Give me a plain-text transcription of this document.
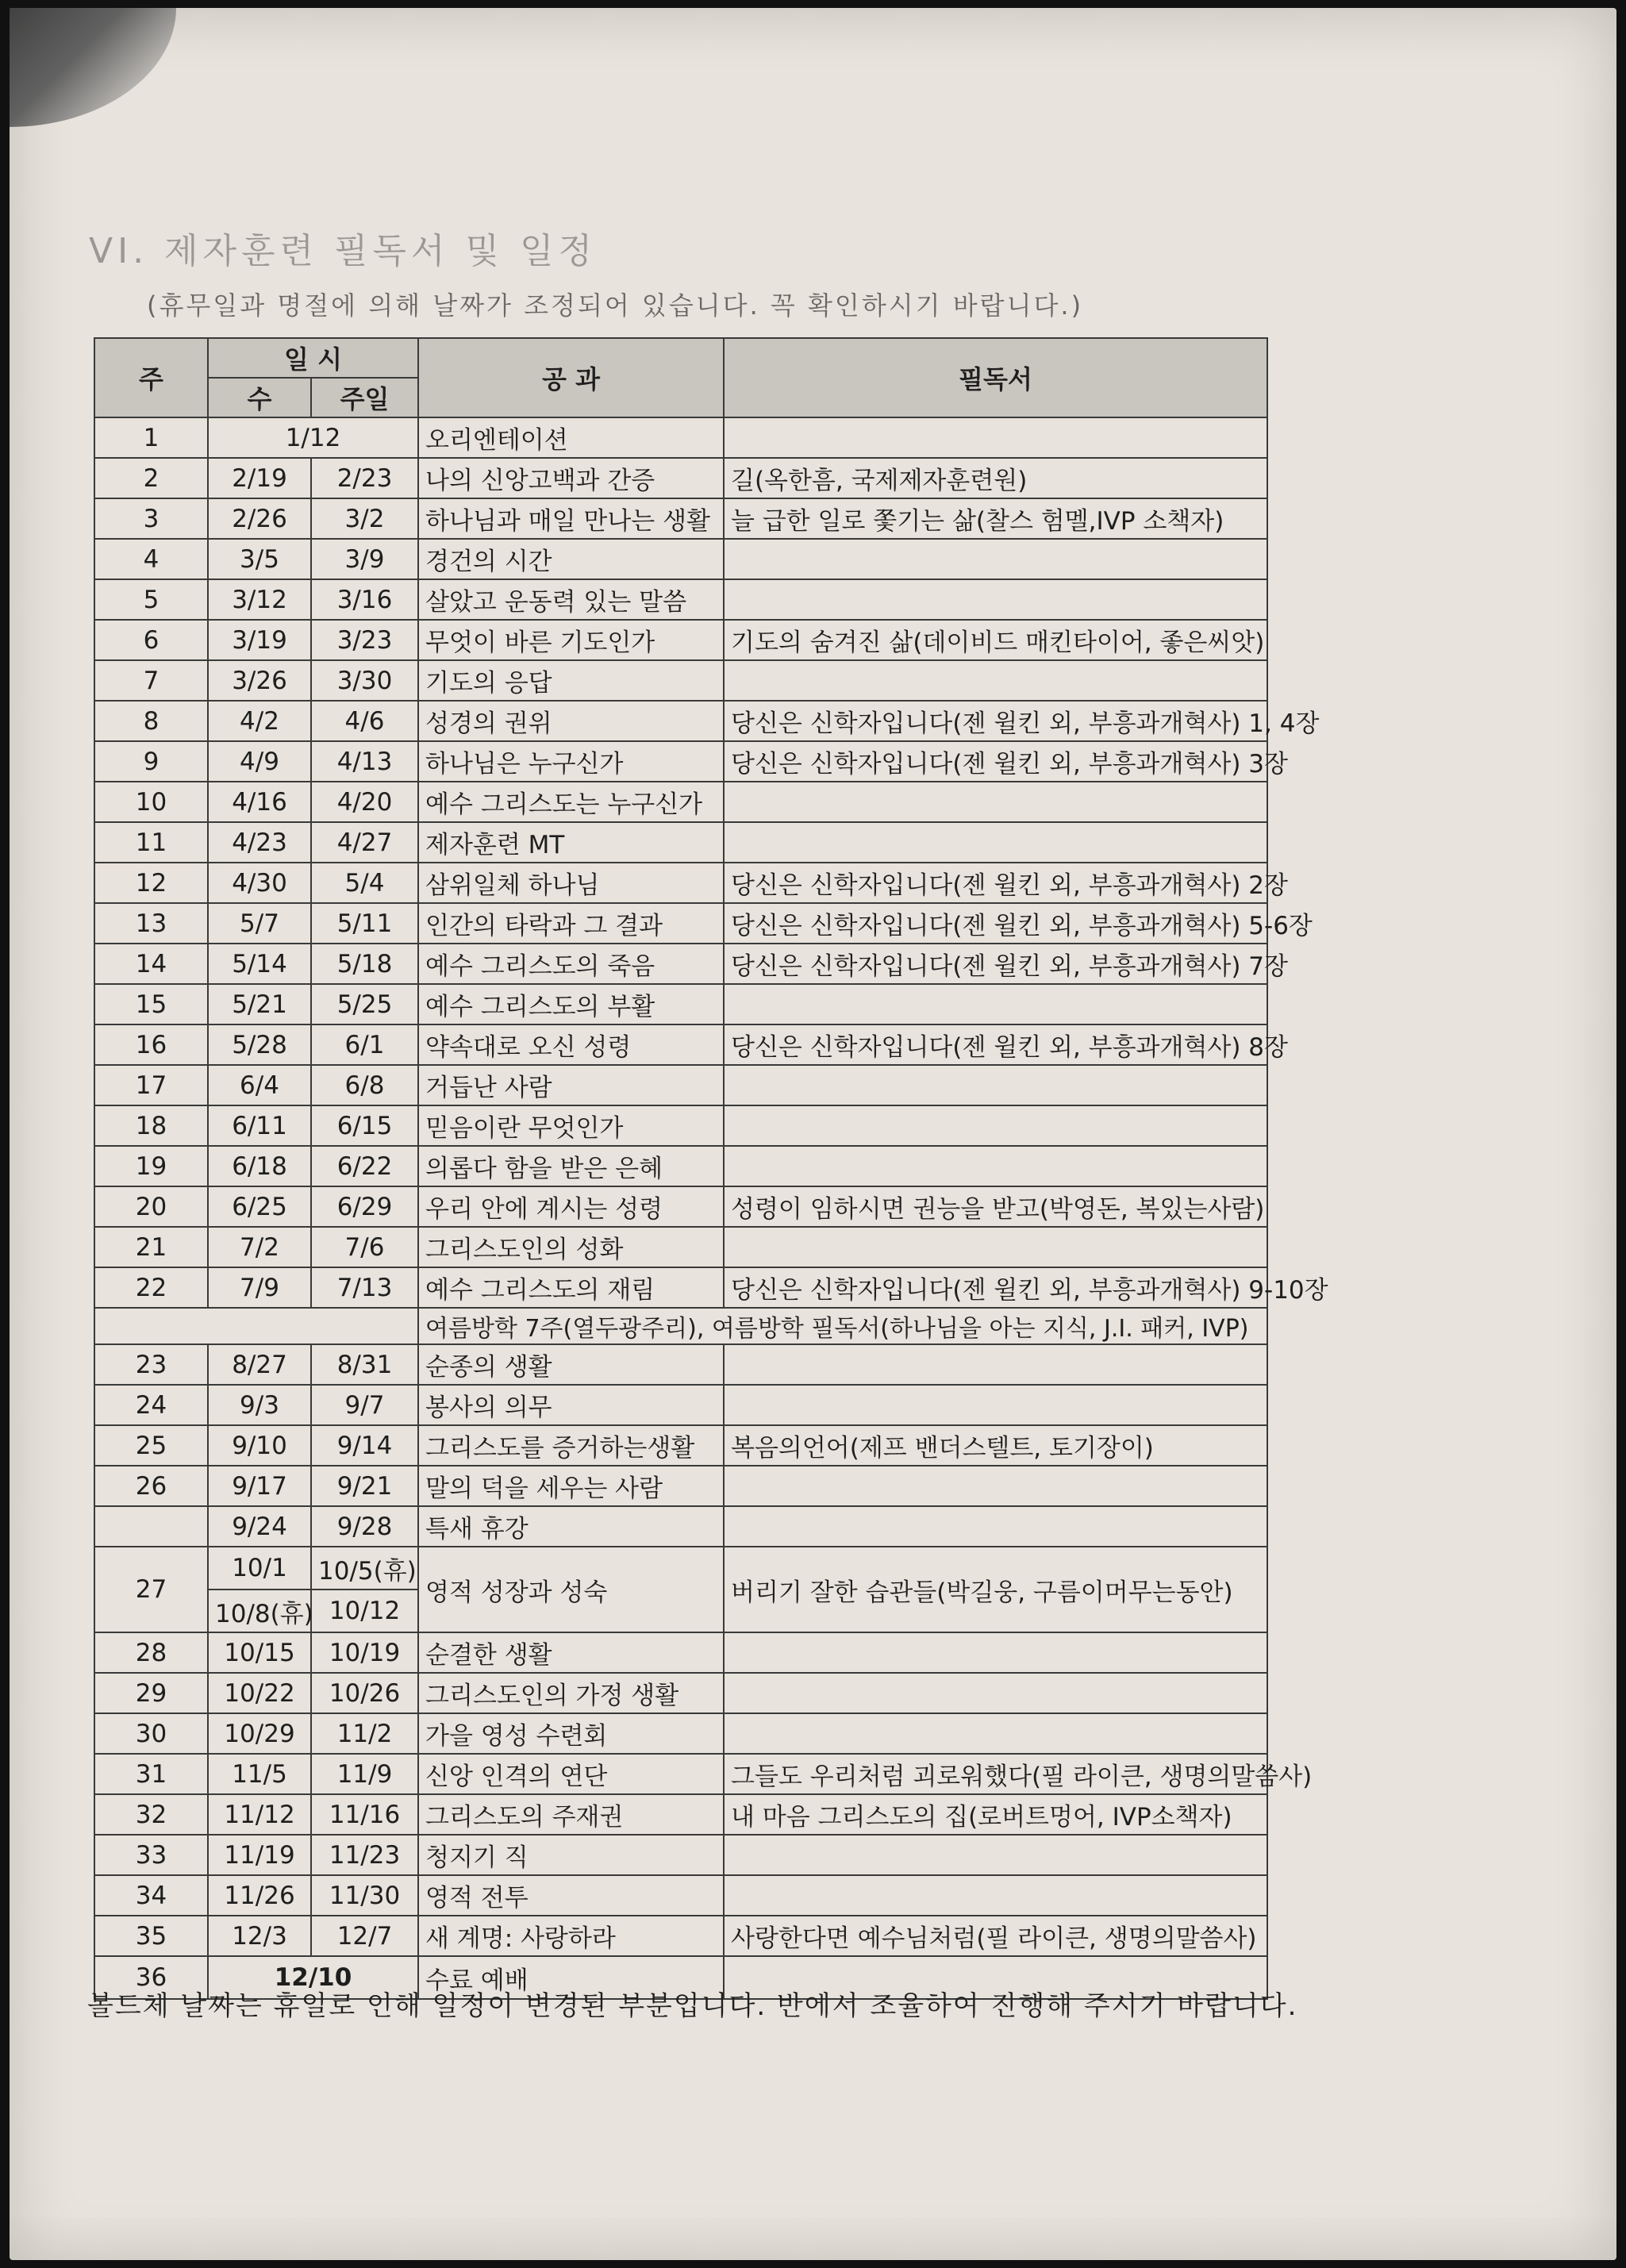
VI. 제자훈련 필독서 및 일정
(휴무일과 명절에 의해 날짜가 조정되어 있습니다. 꼭 확인하시기 바랍니다.)
주	일 시		공 과	필독서
	수	주일		
1	1/12		오리엔테이션	
2	2/19	2/23	나의 신앙고백과 간증	길(옥한흠, 국제제자훈련원)
3	2/26	3/2	하나님과 매일 만나는 생활	늘 급한 일로 쫓기는 삶(찰스 험멜,IVP 소책자)
4	3/5	3/9	경건의 시간	
5	3/12	3/16	살았고 운동력 있는 말씀	
6	3/19	3/23	무엇이 바른 기도인가	기도의 숨겨진 삶(데이비드 매킨타이어, 좋은씨앗)
7	3/26	3/30	기도의 응답	
8	4/2	4/6	성경의 권위	당신은 신학자입니다(젠 윌킨 외, 부흥과개혁사) 1, 4장
9	4/9	4/13	하나님은 누구신가	당신은 신학자입니다(젠 윌킨 외, 부흥과개혁사) 3장
10	4/16	4/20	예수 그리스도는 누구신가	
11	4/23	4/27	제자훈련 MT	
12	4/30	5/4	삼위일체 하나님	당신은 신학자입니다(젠 윌킨 외, 부흥과개혁사) 2장
13	5/7	5/11	인간의 타락과 그 결과	당신은 신학자입니다(젠 윌킨 외, 부흥과개혁사) 5-6장
14	5/14	5/18	예수 그리스도의 죽음	당신은 신학자입니다(젠 윌킨 외, 부흥과개혁사) 7장
15	5/21	5/25	예수 그리스도의 부활	
16	5/28	6/1	약속대로 오신 성령	당신은 신학자입니다(젠 윌킨 외, 부흥과개혁사) 8장
17	6/4	6/8	거듭난 사람	
18	6/11	6/15	믿음이란 무엇인가	
19	6/18	6/22	의롭다 함을 받은 은혜	
20	6/25	6/29	우리 안에 계시는 성령	성령이 임하시면 권능을 받고(박영돈, 복있는사람)
21	7/2	7/6	그리스도인의 성화	
22	7/9	7/13	예수 그리스도의 재림	당신은 신학자입니다(젠 윌킨 외, 부흥과개혁사) 9-10장
			여름방학 7주(열두광주리), 여름방학 필독서(하나님을 아는 지식, J.I. 패커, IVP)	
23	8/27	8/31	순종의 생활	
24	9/3	9/7	봉사의 의무	
25	9/10	9/14	그리스도를 증거하는생활	복음의언어(제프 밴더스텔트, 토기장이)
26	9/17	9/21	말의 덕을 세우는 사람	
	9/24	9/28	특새 휴강	
27	10/1	10/5(휴)	영적 성장과 성숙	버리기 잘한 습관들(박길웅, 구름이머무는동안)
	10/8(휴)	10/12		
28	10/15	10/19	순결한 생활	
29	10/22	10/26	그리스도인의 가정 생활	
30	10/29	11/2	가을 영성 수련회	
31	11/5	11/9	신앙 인격의 연단	그들도 우리처럼 괴로워했다(필 라이큰, 생명의말씀사)
32	11/12	11/16	그리스도의 주재권	내 마음 그리스도의 집(로버트멍어, IVP소책자)
33	11/19	11/23	청지기 직	
34	11/26	11/30	영적 전투	
35	12/3	12/7	새 계명: 사랑하라	사랑한다면 예수님처럼(필 라이큰, 생명의말씀사)
36	12/10		수료 예배	
볼드체 날짜는 휴일로 인해 일정이 변경된 부분입니다. 반에서 조율하여 진행해 주시기 바랍니다.
